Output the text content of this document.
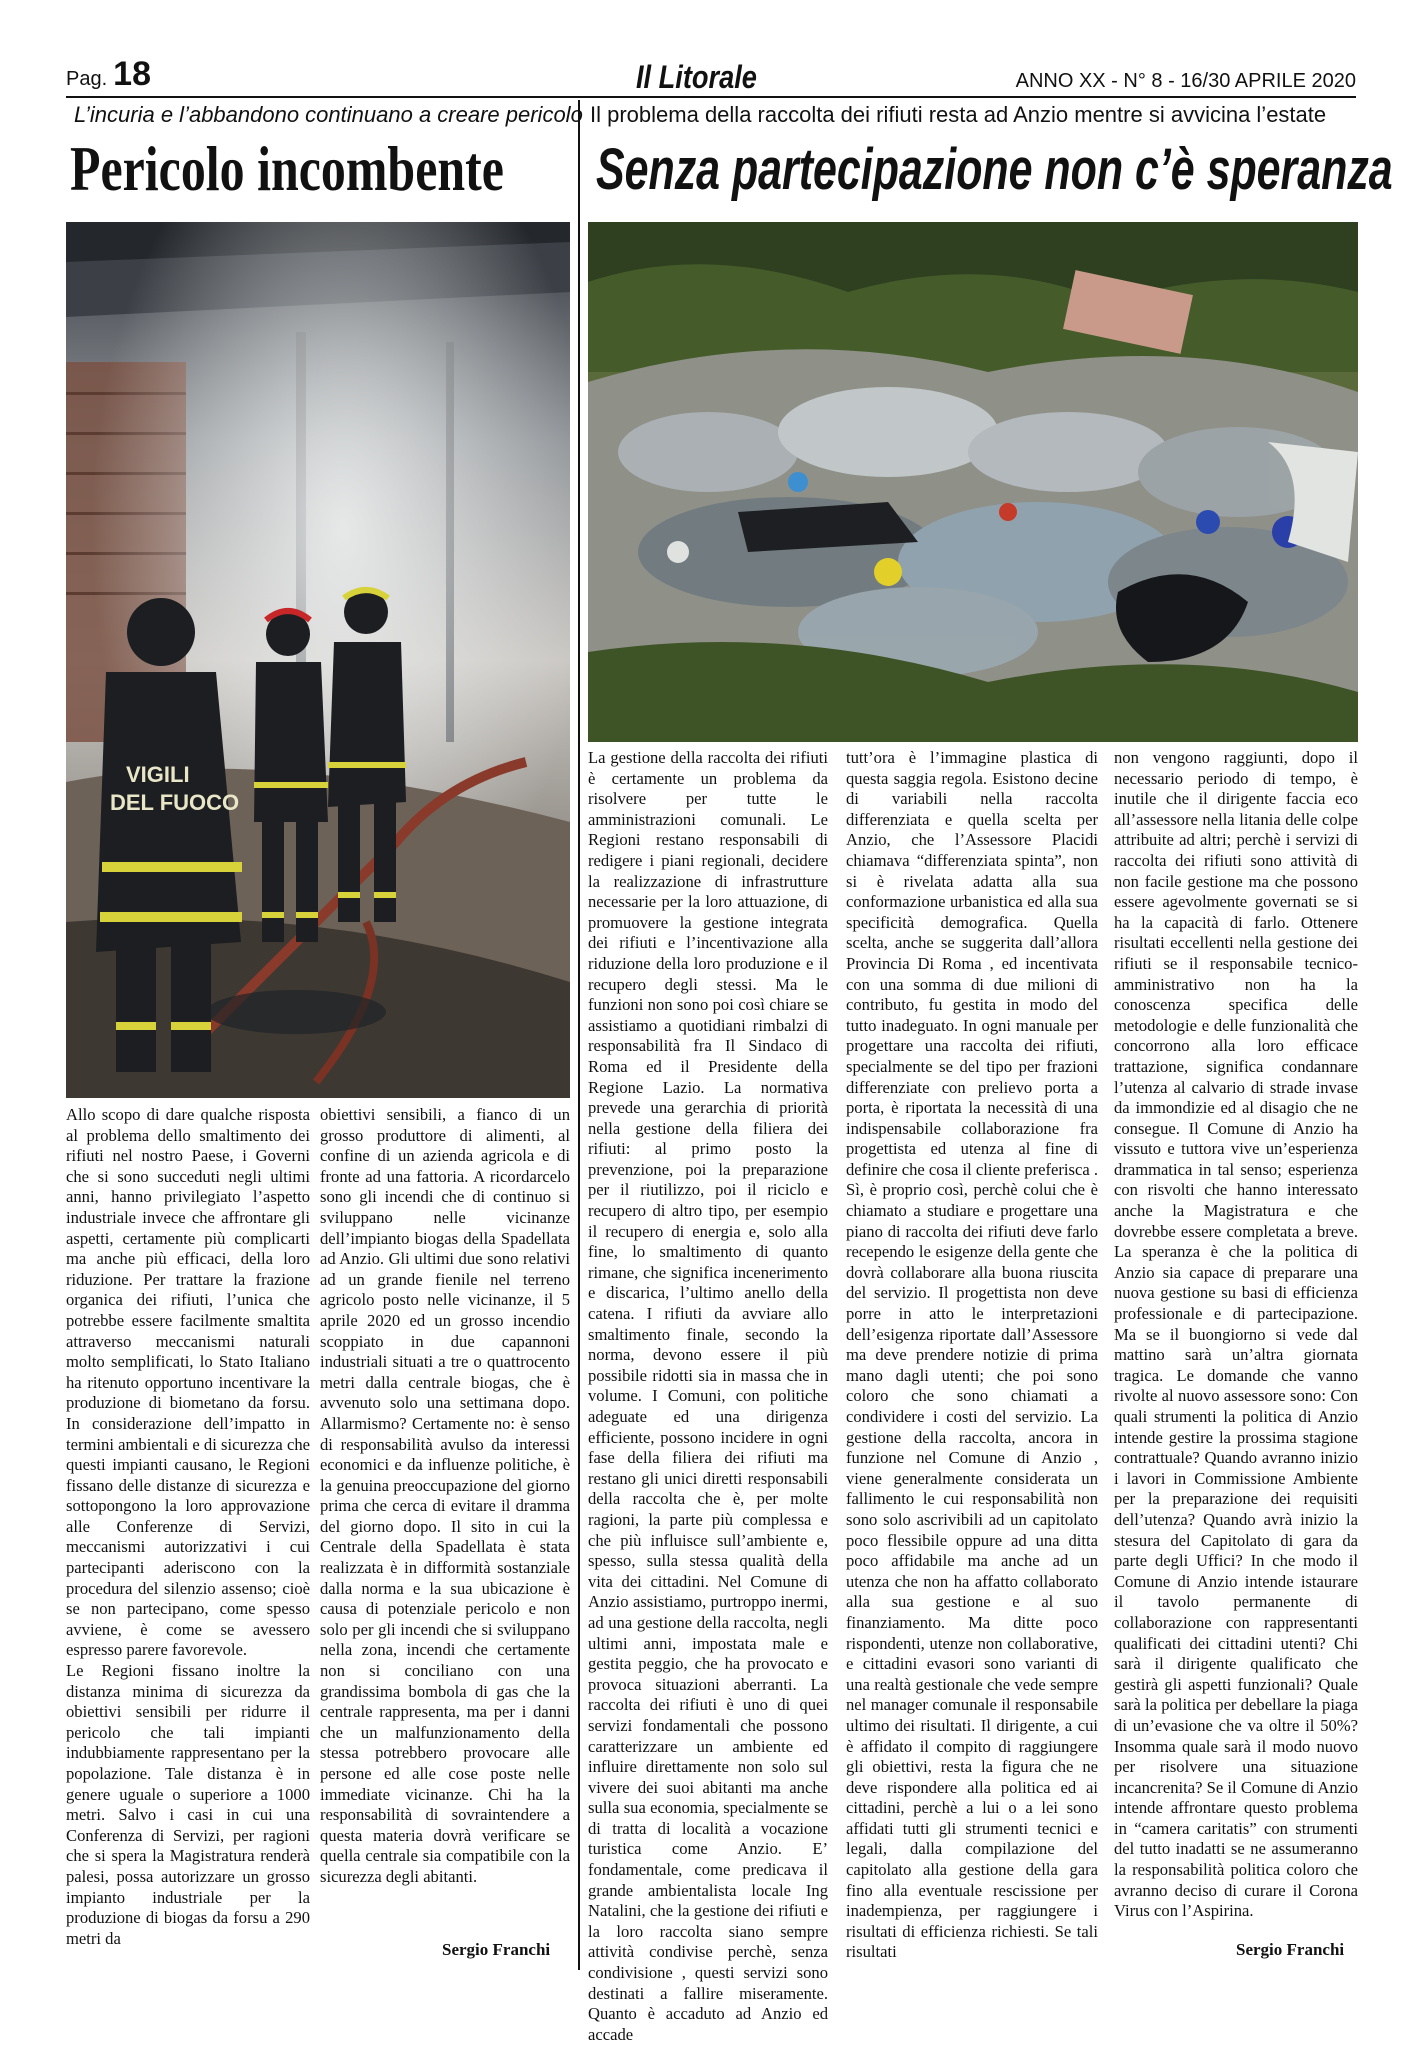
Pag. 18	Il Litorale	ANNO XX - N° 8 - 16/30 APRILE 2020
L’incuria e l’abbandono continuano a creare pericolo
Pericolo incombente
VIGILI DEL FUOCO

Allo scopo di dare qualche risposta al problema dello smaltimento dei rifiuti nel nostro Paese, i Governi che si sono succeduti negli ultimi anni, hanno privilegiato l’aspetto industriale invece che affrontare gli aspetti, certamente più complicarti ma anche più efficaci, della loro riduzione. Per trattare la frazione organica dei rifiuti, l’unica che potrebbe essere facilmente smaltita attraverso meccanismi naturali molto semplificati, lo Stato Italiano ha ritenuto opportuno incentivare la produzione di biometano da forsu. In considerazione dell’impatto in termini ambientali e di sicurezza che questi impianti causano, le Regioni fissano delle distanze di sicurezza e sottopongono la loro approvazione alle Conferenze di Servizi, meccanismi autorizzativi i cui partecipanti aderiscono con la procedura del silenzio assenso; cioè se non partecipano, come spesso avviene, è come se avessero espresso parere favorevole.

Le Regioni fissano inoltre la distanza minima di sicurezza da obiettivi sensibili per ridurre il pericolo che tali impianti indubbiamente rappresentano per la popolazione. Tale distanza è in genere uguale o superiore a 1000 metri. Salvo i casi in cui una Conferenza di Servizi, per ragioni che si spera la Magistratura renderà palesi, possa autorizzare un grosso impianto industriale per la produzione di biogas da forsu a 290 metri da

obiettivi sensibili, a fianco di un grosso produttore di alimenti, al confine di un azienda agricola e di fronte ad una fattoria. A ricordarcelo sono gli incendi che di continuo si sviluppano nelle vicinanze dell’impianto biogas della Spadellata ad Anzio. Gli ultimi due sono relativi ad un grande fienile nel terreno agricolo posto nelle vicinanze, il 5 aprile 2020 ed un grosso incendio scoppiato in due capannoni industriali situati a tre o quattrocento metri dalla centrale biogas, che è avvenuto solo una settimana dopo. Allarmismo? Certamente no: è senso di responsabilità avulso da interessi economici e da influenze politiche, è la genuina preoccupazione del giorno prima che cerca di evitare il dramma del giorno dopo. Il sito in cui la Centrale della Spadellata è stata realizzata è in difformità sostanziale dalla norma e la sua ubicazione è causa di potenziale pericolo e non solo per gli incendi che si sviluppano nella zona, incendi che certamente non si conciliano con una grandissima bombola di gas che la centrale rappresenta, ma per i danni che un malfunzionamento della stessa potrebbero provocare alle persone ed alle cose poste nelle immediate vicinanze. Chi ha la responsabilità di sovraintendere a questa materia dovrà verificare se quella centrale sia compatibile con la sicurezza degli abitanti.

Sergio Franchi
Il problema della raccolta dei rifiuti resta ad Anzio mentre si avvicina l’estate
Senza partecipazione non c’è speranza

La gestione della raccolta dei rifiuti è certamente un problema da risolvere per tutte le amministrazioni comunali. Le Regioni restano responsabili di redigere i piani regionali, decidere la realizzazione di infrastrutture necessarie per la loro attuazione, di promuovere la gestione integrata dei rifiuti e l’incentivazione alla riduzione della loro produzione e il recupero degli stessi. Ma le funzioni non sono poi così chiare se assistiamo a quotidiani rimbalzi di responsabilità fra Il Sindaco di Roma ed il Presidente della Regione Lazio. La normativa prevede una gerarchia di priorità nella gestione della filiera dei rifiuti: al primo posto la prevenzione, poi la preparazione per il riutilizzo, poi il riciclo e recupero di altro tipo, per esempio il recupero di energia e, solo alla fine, lo smaltimento di quanto rimane, che significa incenerimento e discarica, l’ultimo anello della catena. I rifiuti da avviare allo smaltimento finale, secondo la norma, devono essere il più possibile ridotti sia in massa che in volume. I Comuni, con politiche adeguate ed una dirigenza efficiente, possono incidere in ogni fase della filiera dei rifiuti ma restano gli unici diretti responsabili della raccolta che è, per molte ragioni, la parte più complessa e che più influisce sull’ambiente e, spesso, sulla stessa qualità della vita dei cittadini. Nel Comune di Anzio assistiamo, purtroppo inermi, ad una gestione della raccolta, negli ultimi anni, impostata male e gestita peggio, che ha provocato e provoca situazioni aberranti. La raccolta dei rifiuti è uno di quei servizi fondamentali che possono caratterizzare un ambiente ed influire direttamente non solo sul vivere dei suoi abitanti ma anche sulla sua economia, specialmente se di tratta di località a vocazione turistica come Anzio. E’ fondamentale, come predicava il grande ambientalista locale Ing Natalini, che la gestione dei rifiuti e la loro raccolta siano sempre attività condivise perchè, senza condivisione , questi servizi sono destinati a fallire miseramente. Quanto è accaduto ad Anzio ed accade

tutt’ora è l’immagine plastica di questa saggia regola. Esistono decine di variabili nella raccolta differenziata e quella scelta per Anzio, che l’Assessore Placidi chiamava “differenziata spinta”, non si è rivelata adatta alla sua conformazione urbanistica ed alla sua specificità demografica. Quella scelta, anche se suggerita dall’allora Provincia Di Roma , ed incentivata con una somma di due milioni di contributo, fu gestita in modo del tutto inadeguato. In ogni manuale per progettare una raccolta dei rifiuti, specialmente se del tipo per frazioni differenziate con prelievo porta a porta, è riportata la necessità di una indispensabile collaborazione fra progettista ed utenza al fine di definire che cosa il cliente preferisca . Sì, è proprio così, perchè colui che è chiamato a studiare e progettare una piano di raccolta dei rifiuti deve farlo recependo le esigenze della gente che dovrà collaborare alla buona riuscita del servizio. Il progettista non deve porre in atto le interpretazioni dell’esigenza riportate dall’Assessore ma deve prendere notizie di prima mano dagli utenti; che poi sono coloro che sono chiamati a condividere i costi del servizio. La gestione della raccolta, ancora in funzione nel Comune di Anzio , viene generalmente considerata un fallimento le cui responsabilità non sono solo ascrivibili ad un capitolato poco flessibile oppure ad una ditta poco affidabile ma anche ad un utenza che non ha affatto collaborato alla sua gestione e al suo finanziamento. Ma ditte poco rispondenti, utenze non collaborative, e cittadini evasori sono varianti di una realtà gestionale che vede sempre nel manager comunale il responsabile ultimo dei risultati. Il dirigente, a cui è affidato il compito di raggiungere gli obiettivi, resta la figura che ne deve rispondere alla politica ed ai cittadini, perchè a lui o a lei sono affidati tutti gli strumenti tecnici e legali, dalla compilazione del capitolato alla gestione della gara fino alla eventuale rescissione per inadempienza, per raggiungere i risultati di efficienza richiesti. Se tali risultati

non vengono raggiunti, dopo il necessario periodo di tempo, è inutile che il dirigente faccia eco all’assessore nella litania delle colpe attribuite ad altri; perchè i servizi di raccolta dei rifiuti sono attività di non facile gestione ma che possono essere agevolmente governati se si ha la capacità di farlo. Ottenere risultati eccellenti nella gestione dei rifiuti se il responsabile tecnico-amministrativo non ha la conoscenza specifica delle metodologie e delle funzionalità che concorrono alla loro efficace trattazione, significa condannare l’utenza al calvario di strade invase da immondizie ed al disagio che ne consegue. Il Comune di Anzio ha vissuto e tuttora vive un’esperienza drammatica in tal senso; esperienza con risvolti che hanno interessato anche la Magistratura e che dovrebbe essere completata a breve. La speranza è che la politica di Anzio sia capace di preparare una nuova gestione su basi di efficienza professionale e di partecipazione. Ma se il buongiorno si vede dal mattino sarà un’altra giornata tragica. Le domande che vanno rivolte al nuovo assessore sono: Con quali strumenti la politica di Anzio intende gestire la prossima stagione contrattuale? Quando avranno inizio i lavori in Commissione Ambiente per la preparazione dei requisiti dell’utenza? Quando avrà inizio la stesura del Capitolato di gara da parte degli Uffici? In che modo il Comune di Anzio intende istaurare il tavolo permanente di collaborazione con rappresentanti qualificati dei cittadini utenti? Chi sarà il dirigente qualificato che gestirà gli aspetti funzionali? Quale sarà la politica per debellare la piaga di un’evasione che va oltre il 50%? Insomma quale sarà il modo nuovo per risolvere una situazione incancrenita? Se il Comune di Anzio intende affrontare questo problema in “camera caritatis” con strumenti del tutto inadatti se ne assumeranno la responsabilità politica coloro che avranno deciso di curare il Corona Virus con l’Aspirina.

Sergio Franchi
